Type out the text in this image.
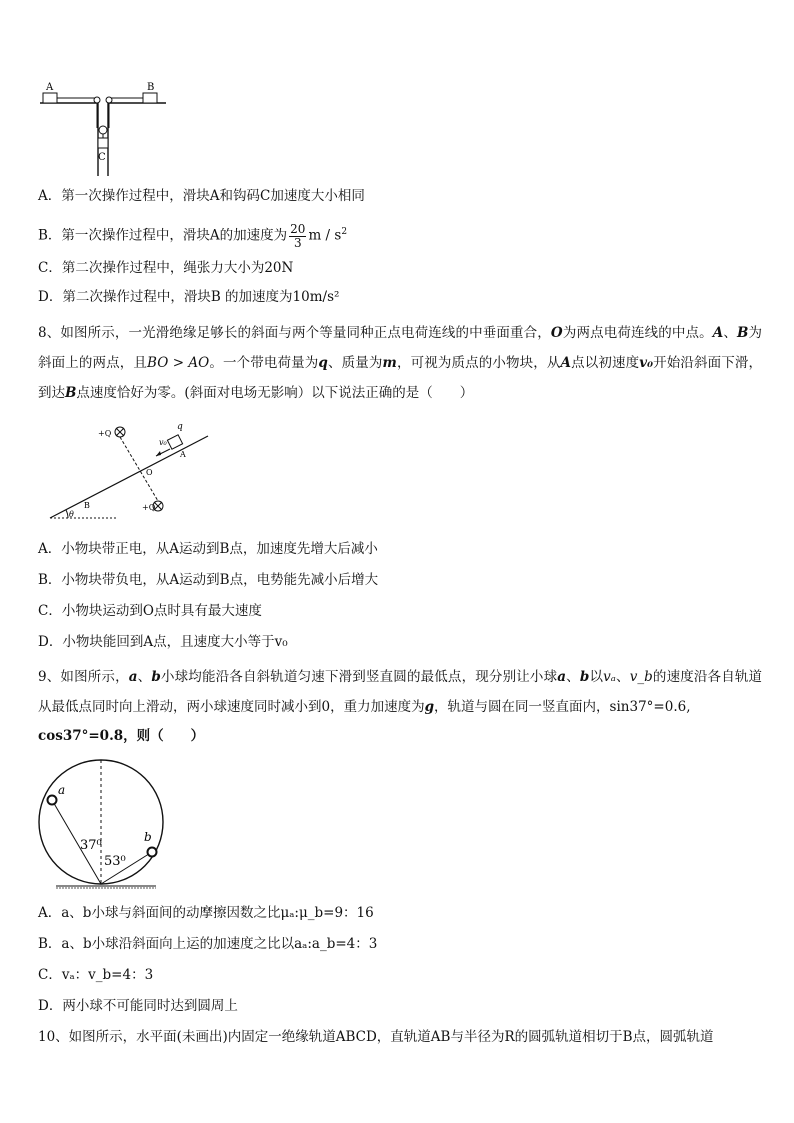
A	B
C
A．第一次操作过程中，滑块A和钩码C加速度大小相同
B．第一次操作过程中，滑块A的加速度为 $\frac{20}{3}$ m / $s^2$
C．第二次操作过程中，绳张力大小为20N
D．第二次操作过程中，滑块B 的加速度为10m/s²
8、如图所示，一光滑绝缘足够长的斜面与两个等量同种正点电荷连线的中垂面重合，O为两点电荷连线的中点。A、B为斜面上的两点，且BO > AO。一个带电荷量为q、质量为m，可视为质点的小物块，从A点以初速度v₀开始沿斜面下滑，到达B点速度恰好为零。(斜面对电场无影响）以下说法正确的是（　　）
+Q
+Q
q
v₀
A
O
B
θ
A．小物块带正电，从A运动到B点，加速度先增大后减小
B．小物块带负电，从A运动到B点，电势能先减小后增大
C．小物块运动到O点时具有最大速度
D．小物块能回到A点，且速度大小等于v₀
9、如图所示，a、b小球均能沿各自斜轨道匀速下滑到竖直圆的最低点，现分别让小球a、b以vₐ、v_b的速度沿各自轨道从最低点同时向上滑动，两小球速度同时减小到0，重力加速度为g，轨道与圆在同一竖直面内，sin37°=0.6,
cos37°=0.8，则（　　）
a
b
37⁰
53⁰
A．a、b小球与斜面间的动摩擦因数之比μₐ:μ_b=9：16
B．a、b小球沿斜面向上运的加速度之比以aₐ:a_b=4：3
C．vₐ：v_b=4：3
D．两小球不可能同时达到圆周上
10、如图所示，水平面(未画出)内固定一绝缘轨道ABCD，直轨道AB与半径为R的圆弧轨道相切于B点，圆弧轨道
